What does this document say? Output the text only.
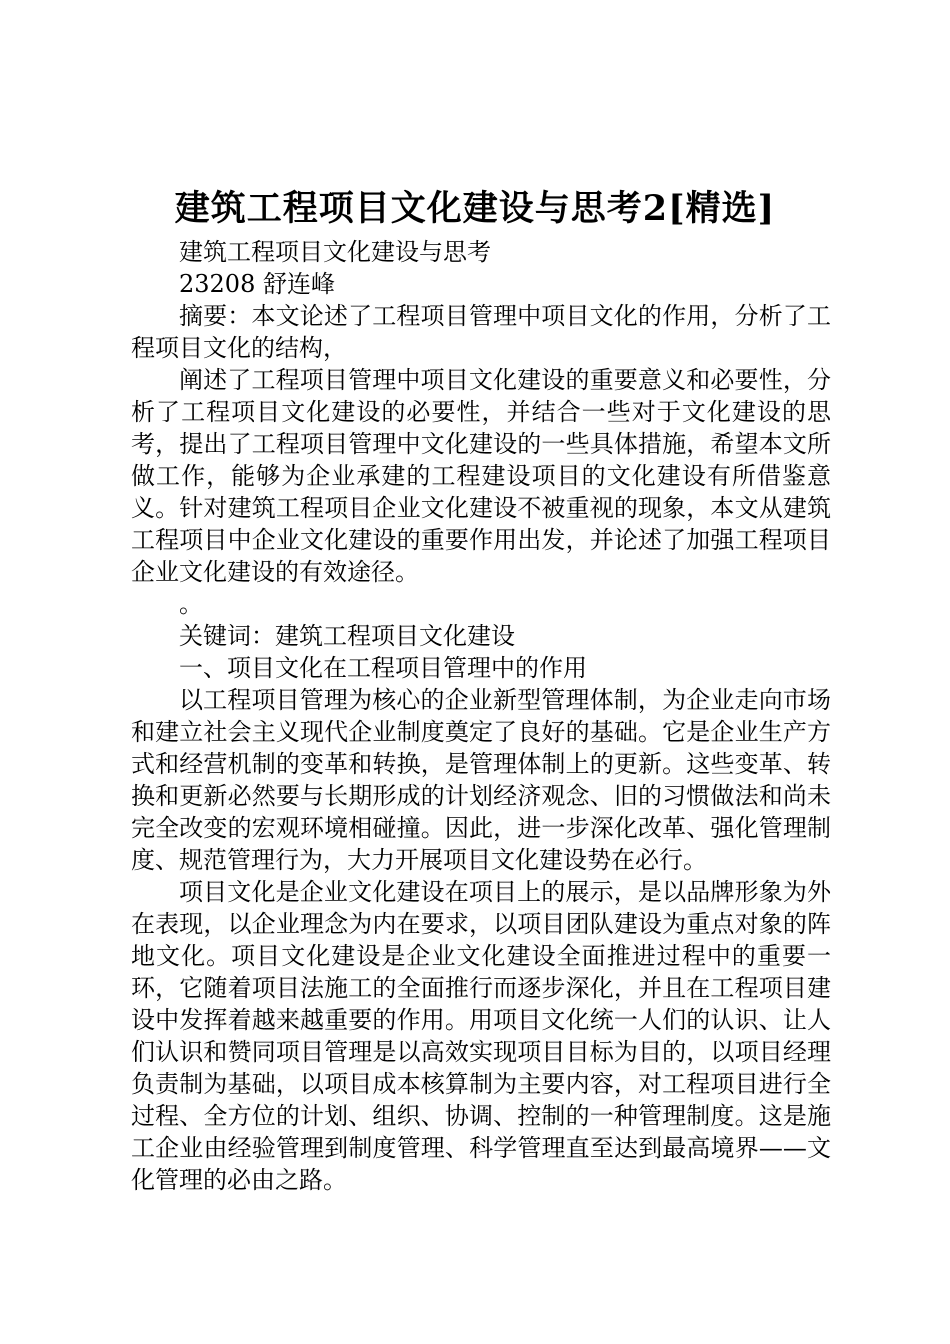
建筑工程项目文化建设与思考2[精选]

建筑工程项目文化建设与思考

23208 舒连峰

摘要：本文论述了工程项目管理中项目文化的作用，分析了工程项目文化的结构，

阐述了工程项目管理中项目文化建设的重要意义和必要性，分析了工程项目文化建设的必要性，并结合一些对于文化建设的思考，提出了工程项目管理中文化建设的一些具体措施，希望本文所做工作，能够为企业承建的工程建设项目的文化建设有所借鉴意义。针对建筑工程项目企业文化建设不被重视的现象，本文从建筑工程项目中企业文化建设的重要作用出发，并论述了加强工程项目企业文化建设的有效途径。

。

关键词：建筑工程项目文化建设

一、项目文化在工程项目管理中的作用

以工程项目管理为核心的企业新型管理体制，为企业走向市场和建立社会主义现代企业制度奠定了良好的基础。它是企业生产方式和经营机制的变革和转换，是管理体制上的更新。这些变革、转换和更新必然要与长期形成的计划经济观念、旧的习惯做法和尚未完全改变的宏观环境相碰撞。因此，进一步深化改革、强化管理制度、规范管理行为，大力开展项目文化建设势在必行。

项目文化是企业文化建设在项目上的展示，是以品牌形象为外在表现，以企业理念为内在要求，以项目团队建设为重点对象的阵地文化。项目文化建设是企业文化建设全面推进过程中的重要一环，它随着项目法施工的全面推行而逐步深化，并且在工程项目建设中发挥着越来越重要的作用。用项目文化统一人们的认识、让人们认识和赞同项目管理是以高效实现项目目标为目的，以项目经理负责制为基础，以项目成本核算制为主要内容，对工程项目进行全过程、全方位的计划、组织、协调、控制的一种管理制度。这是施工企业由经验管理到制度管理、科学管理直至达到最高境界——文化管理的必由之路。
